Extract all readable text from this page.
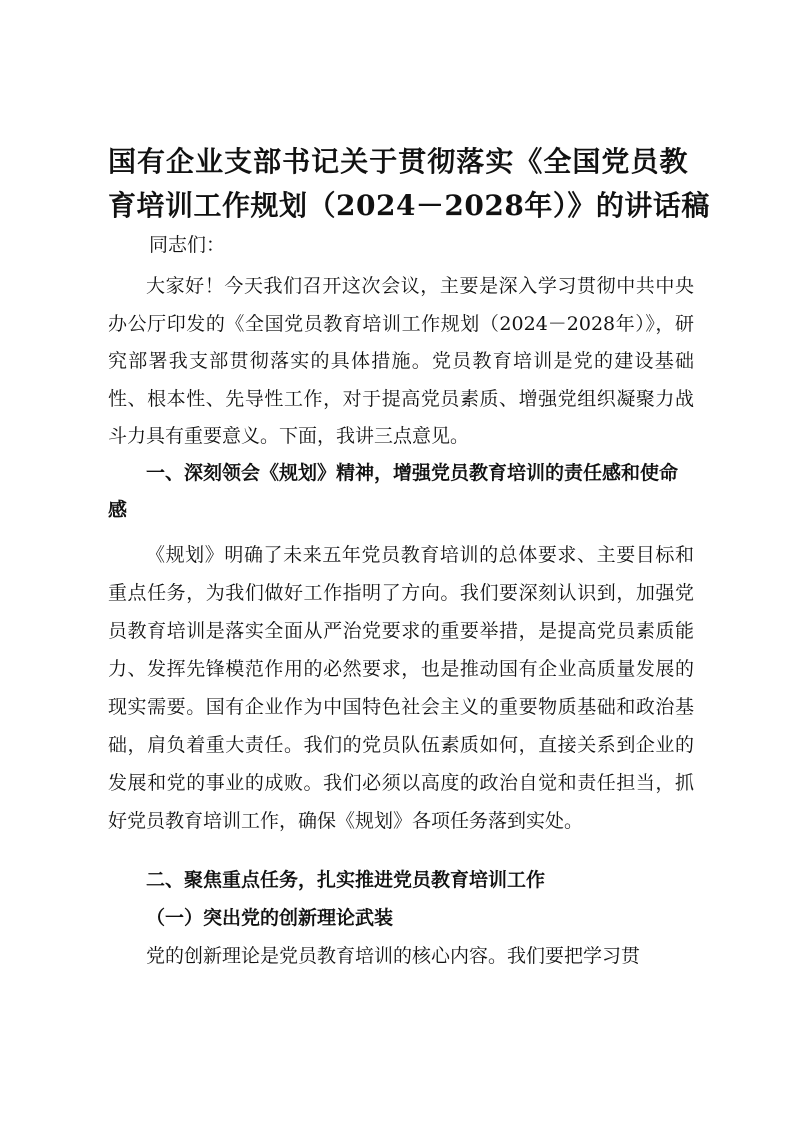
国有企业支部书记关于贯彻落实《全国党员教
育培训工作规划（2024－2028年）》的讲话稿

同志们：

大家好！今天我们召开这次会议，主要是深入学习贯彻中共中央办公厅印发的《全国党员教育培训工作规划（2024－2028年）》，研究部署我支部贯彻落实的具体措施。党员教育培训是党的建设基础性、根本性、先导性工作，对于提高党员素质、增强党组织凝聚力战斗力具有重要意义。下面，我讲三点意见。

一、深刻领会《规划》精神，增强党员教育培训的责任感和使命感

《规划》明确了未来五年党员教育培训的总体要求、主要目标和重点任务，为我们做好工作指明了方向。我们要深刻认识到，加强党员教育培训是落实全面从严治党要求的重要举措，是提高党员素质能力、发挥先锋模范作用的必然要求，也是推动国有企业高质量发展的现实需要。国有企业作为中国特色社会主义的重要物质基础和政治基础，肩负着重大责任。我们的党员队伍素质如何，直接关系到企业的发展和党的事业的成败。我们必须以高度的政治自觉和责任担当，抓好党员教育培训工作，确保《规划》各项任务落到实处。

二、聚焦重点任务，扎实推进党员教育培训工作
（一）突出党的创新理论武装

党的创新理论是党员教育培训的核心内容。我们要把学习贯
